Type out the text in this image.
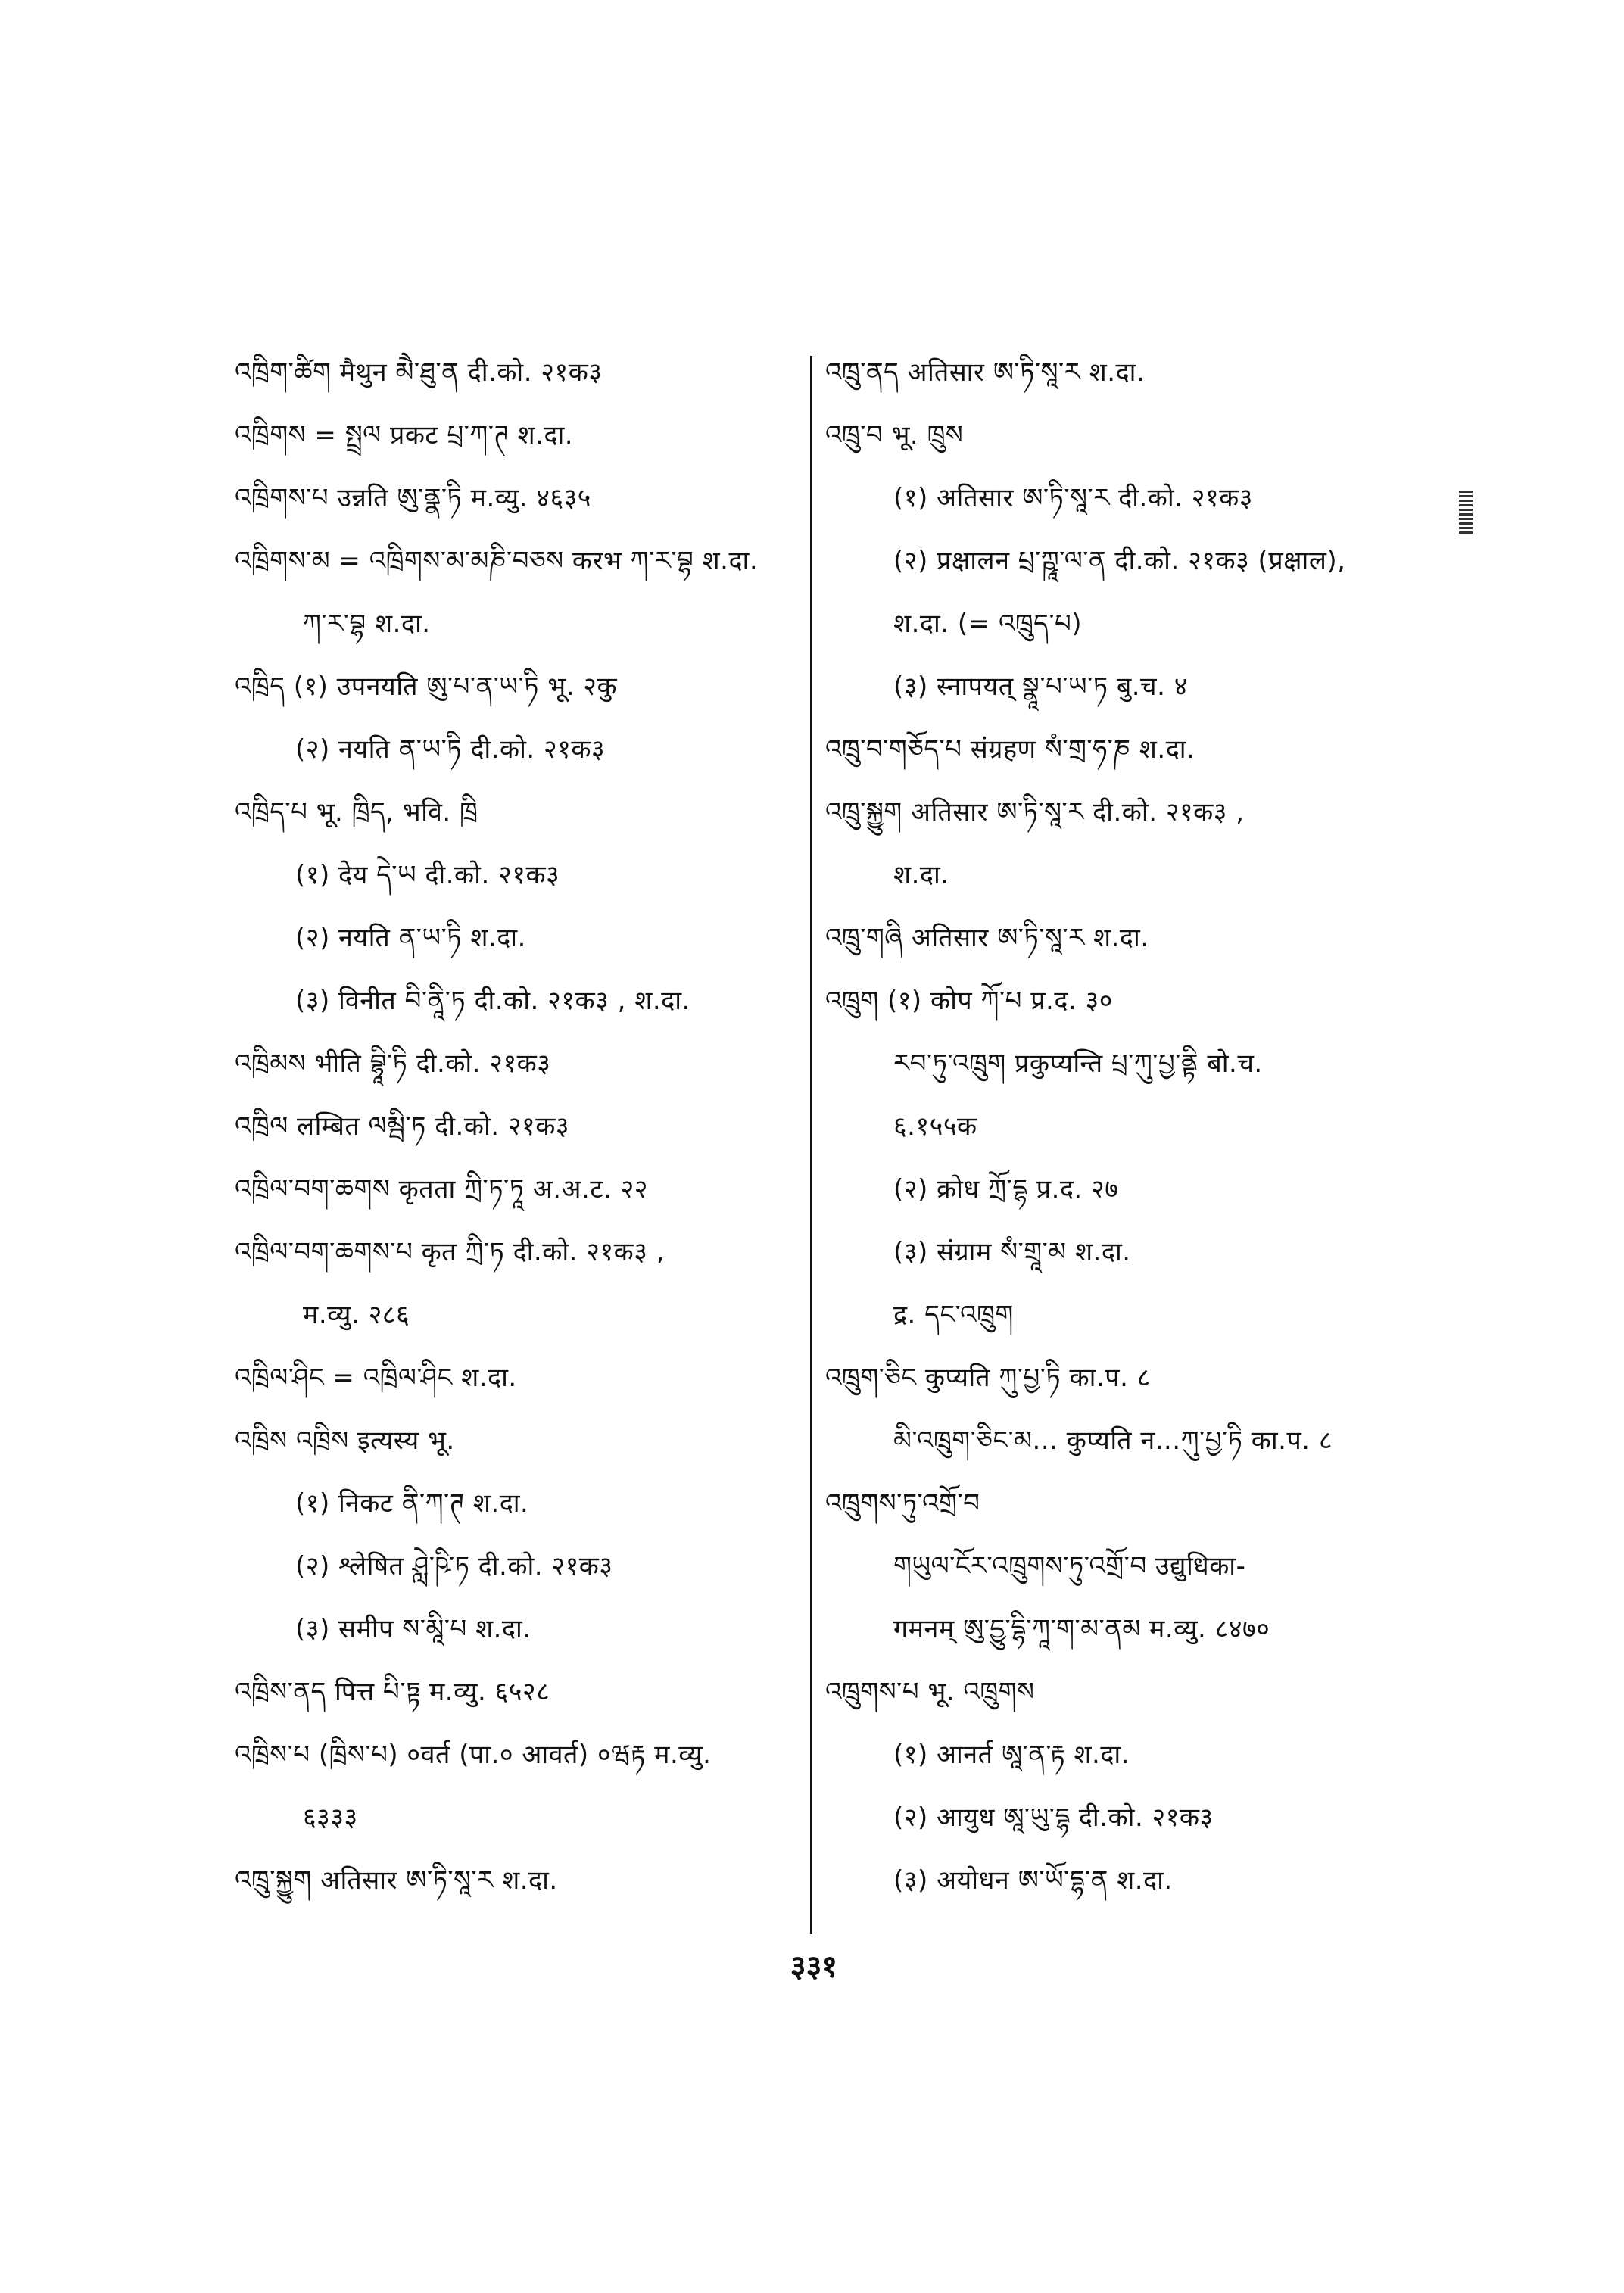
འཁྲིག་ཚིག मैथुन མཻ་ཐུ་ན दी.को. २१क३
འཁྲིགས = སྤྲལ प्रकट པྲ་ཀ་ཊ श.दा.
འཁྲིགས་པ उन्नति ཨུ་ནྣ་ཏི म.व्यु. ४६३५
འཁྲིགས་མ = འཁྲིགས་མ་མཎི་བཅས करभ ཀ་ར་བྷ श.दा.
ཀ་ར་བྷ श.दा.
འཁྲིད (१) उपनयति ཨུ་པ་ན་ཡ་ཏི भू. २कु
(२) नयति ན་ཡ་ཏི दी.को. २१क३
འཁྲིད་པ भू. ཁྲིད, भवि. ཁྲི
(१) देय དེ་ཡ दी.को. २१क३
(२) नयति ན་ཡ་ཏི श.दा.
(३) विनीत བི་ནཱི་ཏ दी.को. २१क३ , श.दा.
འཁྲིམས भीति བྷཱི་ཏི दी.को. २१क३
འཁྲིལ लम्बित ལམྦི་ཏ दी.को. २१क३
འཁྲིལ་བག་ཆགས कृतता ཀྲི་ཏ་ཏཱ अ.अ.ट. २२
འཁྲིལ་བག་ཆགས་པ कृत ཀྲི་ཏ दी.को. २१क३ ,
म.व्यु. २८६
འཁྲིལ་ཤིང = འཁྲིལ་ཤིང श.दा.
འཁྲིས འཁྲིས इत्यस्य भू.
(१) निकट ནི་ཀ་ཊ श.दा.
(२) श्लेषित ཤླེ་ཥི་ཏ दी.को. २१क३
(३) समीप ས་མཱི་པ श.दा.
འཁྲིས་ནད पित्त པི་ཏྟ म.व्यु. ६५२८
འཁྲིས་པ (ཁྲིས་པ) ०वर्त (पा.० आवर्त) ०ཝརྟ म.व्यु.
६३३३
འཁྲུ་སྐྱུག अतिसार ཨ་ཏི་སཱ་ར श.दा.
འཁྲུ་ནད अतिसार ཨ་ཏི་སཱ་ར श.दा.
འཁྲུ་བ भू. ཁྲུས
(१) अतिसार ཨ་ཏི་སཱ་ར दी.को. २१क३
(२) प्रक्षालन པྲ་ཀྵཱ་ལ་ན दी.को. २१क३ (प्रक्षाल),
श.दा. (= འཁྲུད་པ)
(३) स्नापयत् སྣཱ་པ་ཡ་ཏ बु.च. ४
འཁྲུ་བ་གཅོད་པ संग्रहण སཾ་གྲ་ཧ་ཎ श.दा.
འཁྲུ་སྐྱུག अतिसार ཨ་ཏི་སཱ་ར दी.को. २१क३ ,
श.दा.
འཁྲུ་གཞི अतिसार ཨ་ཏི་སཱ་ར श.दा.
འཁྲུག (१) कोप ཀོ་པ प्र.द. ३०
རབ་ཏུ་འཁྲུག प्रकुप्यन्ति པྲ་ཀུ་པྱ་ནྟི बो.च.
६.१५५क
(२) क्रोध ཀྲོ་དྷ प्र.द. २७
(३) संग्राम སཾ་གྲཱ་མ श.दा.
द्र. དང་འཁྲུག
འཁྲུག་ཅིང कुप्यति ཀུ་པྱ་ཏི का.प. ८
མི་འཁྲུག་ཅིང་མ... कुप्यति न...ཀུ་པྱ་ཏི का.प. ८
འཁྲུགས་ཏུ་འགྲོ་བ
གཡུལ་ངོར་འཁྲུགས་ཏུ་འགྲོ་བ उद्युधिका-
गमनम् ཨུ་དྱུ་དྷི་ཀཱ་ག་མ་ནམ म.व्यु. ८४७०
འཁྲུགས་པ भू. འཁྲུགས
(१) आनर्त ཨཱ་ན་རྟ श.दा.
(२) आयुध ཨཱ་ཡུ་དྷ दी.को. २१क३
(३) अयोधन ཨ་ཡོ་དྷ་ན श.दा.
३३१
